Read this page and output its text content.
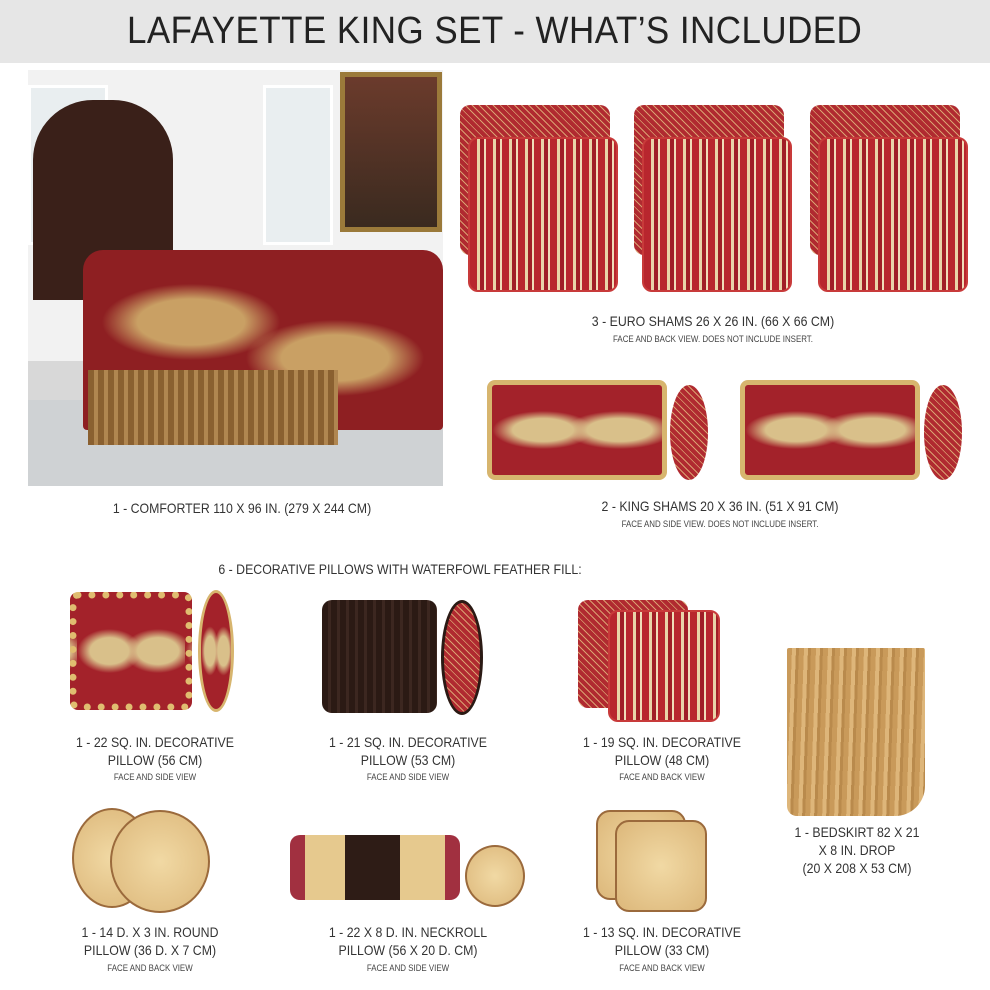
LAFAYETTE KING SET - WHAT’S INCLUDED
1 - COMFORTER 110 X 96 IN. (279 X 244 CM)
3 - EURO SHAMS 26 X 26 IN. (66 X 66 CM)
FACE AND BACK VIEW. DOES NOT INCLUDE INSERT.
2 - KING SHAMS 20 X 36 IN. (51 X 91 CM)
FACE AND SIDE VIEW. DOES NOT INCLUDE INSERT.
6 - DECORATIVE PILLOWS WITH WATERFOWL FEATHER FILL:
1 - 22 SQ. IN. DECORATIVE
PILLOW (56 CM)
FACE AND SIDE VIEW
1 - 21 SQ. IN. DECORATIVE
PILLOW (53 CM)
FACE AND SIDE VIEW
1 - 19 SQ. IN. DECORATIVE
PILLOW (48 CM)
FACE AND BACK VIEW
1 - BEDSKIRT 82 X 21
X 8 IN. DROP
(20 X 208 X 53 CM)
1 - 14 D. X 3 IN. ROUND
PILLOW (36 D. X 7 CM)
FACE AND BACK VIEW
1 - 22 X 8 D. IN. NECKROLL
PILLOW (56 X 20 D. CM)
FACE AND SIDE VIEW
1 - 13 SQ. IN. DECORATIVE
PILLOW (33 CM)
FACE AND BACK VIEW
